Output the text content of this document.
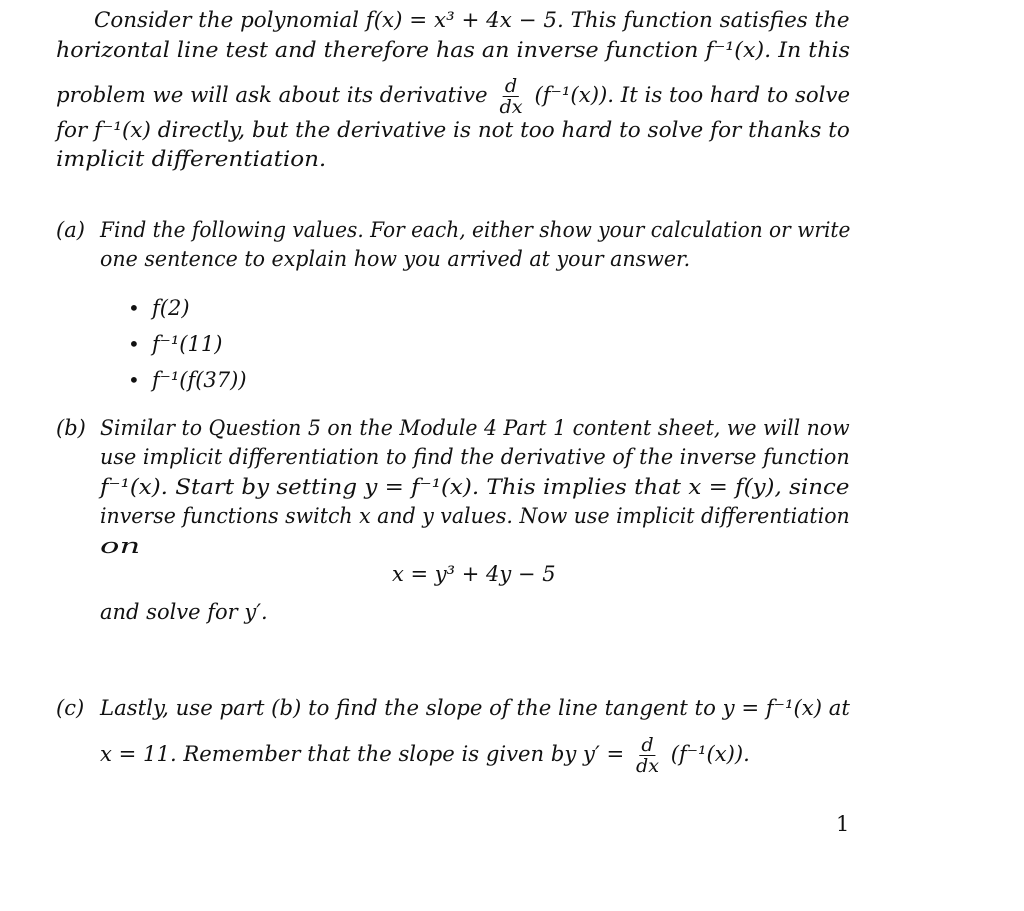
Consider the polynomial f(x) = x³ + 4x − 5. This function satisfies the
horizontal line test and therefore has an inverse function f⁻¹(x). In this
problem we will ask about its derivative $\frac{d}{dx} (f^{-1}(x))$. It is too hard to solve
for f⁻¹(x) directly, but the derivative is not too hard to solve for thanks to
implicit differentiation.
(a) Find the following values. For each, either show your calculation or write
one sentence to explain how you arrived at your answer.
• f(2)
• f⁻¹(11)
• f⁻¹(f(37))
(b) Similar to Question 5 on the Module 4 Part 1 content sheet, we will now
use implicit differentiation to find the derivative of the inverse function
f⁻¹(x). Start by setting y = f⁻¹(x). This implies that x = f(y), since
inverse functions switch x and y values. Now use implicit differentiation
on
x = y³ + 4y − 5
and solve for y′.
(c) Lastly, use part (b) to find the slope of the line tangent to y = f⁻¹(x) at
x = 11. Remember that the slope is given by $y' = \frac{d}{dx} (f^{-1}(x))$.
1
